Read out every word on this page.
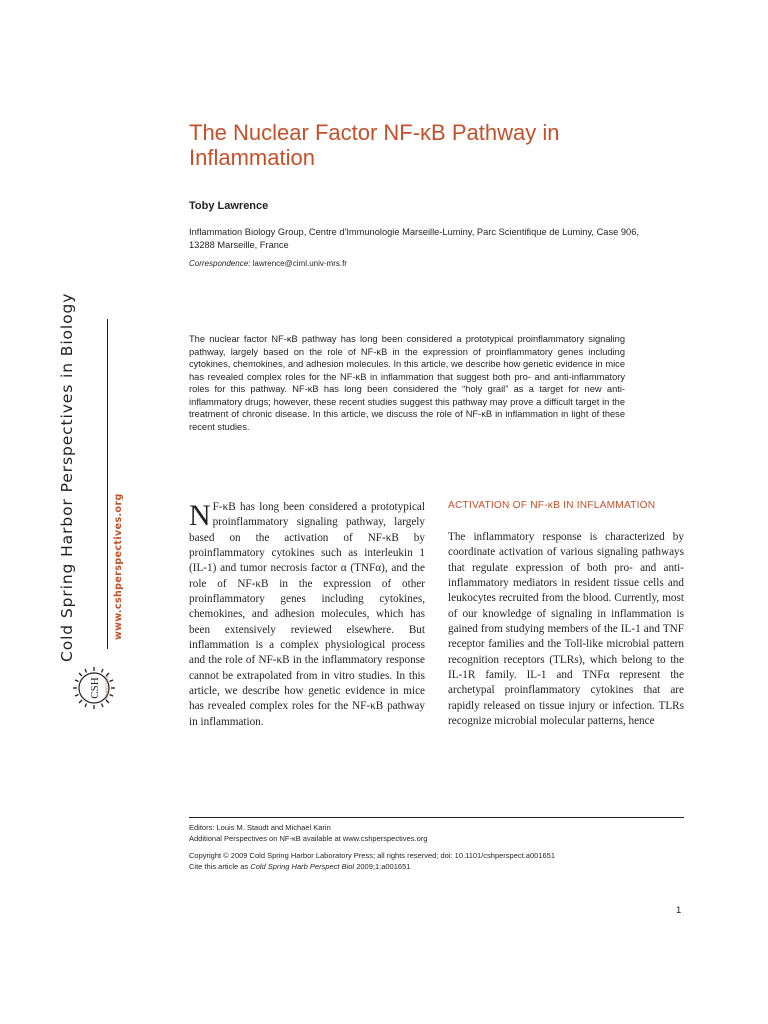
Cold Spring Harbor Perspectives in Biology	www.cshperspectives.org
CSH PERSPECTIVES
The Nuclear Factor NF-κB Pathway in Inflammation
Toby Lawrence
Inflammation Biology Group, Centre d'Immunologie Marseille-Luminy, Parc Scientifique de Luminy, Case 906, 13288 Marseille, France
Correspondence: lawrence@ciml.univ-mrs.fr

The nuclear factor NF-κB pathway has long been considered a prototypical proinflammatory signaling pathway, largely based on the role of NF-κB in the expression of proinflammatory genes including cytokines, chemokines, and adhesion molecules. In this article, we describe how genetic evidence in mice has revealed complex roles for the NF-κB in inflammation that suggest both pro- and anti-inflammatory roles for this pathway. NF-κB has long been considered the “holy grail” as a target for new anti-inflammatory drugs; however, these recent studies suggest this pathway may prove a difficult target in the treatment of chronic disease. In this article, we discuss the role of NF-κB in inflammation in light of these recent studies.

N F-κB has long been considered a prototypical proinflammatory signaling pathway, largely based on the activation of NF-κB by proinflammatory cytokines such as interleukin 1 (IL-1) and tumor necrosis factor α (TNFα), and the role of NF-κB in the expression of other proinflammatory genes including cytokines, chemokines, and adhesion molecules, which has been extensively reviewed elsewhere. But inflammation is a complex physiological process and the role of NF-κB in the inflammatory response cannot be extrapolated from in vitro studies. In this article, we describe how genetic evidence in mice has revealed complex roles for the NF-κB pathway in inflammation.

ACTIVATION OF NF-κB IN INFLAMMATION

The inflammatory response is characterized by coordinate activation of various signaling pathways that regulate expression of both pro- and anti-inflammatory mediators in resident tissue cells and leukocytes recruited from the blood. Currently, most of our knowledge of signaling in inflammation is gained from studying members of the IL-1 and TNF receptor families and the Toll-like microbial pattern recognition receptors (TLRs), which belong to the IL-1R family. IL-1 and TNFα represent the archetypal proinflammatory cytokines that are rapidly released on tissue injury or infection. TLRs recognize microbial molecular patterns, hence

Editors: Louis M. Staudt and Michael Karin
Additional Perspectives on NF-κB available at www.cshperspectives.org
Copyright © 2009 Cold Spring Harbor Laboratory Press; all rights reserved; doi: 10.1101/cshperspect.a001651
Cite this article as Cold Spring Harb Perspect Biol 2009;1:a001651
1
